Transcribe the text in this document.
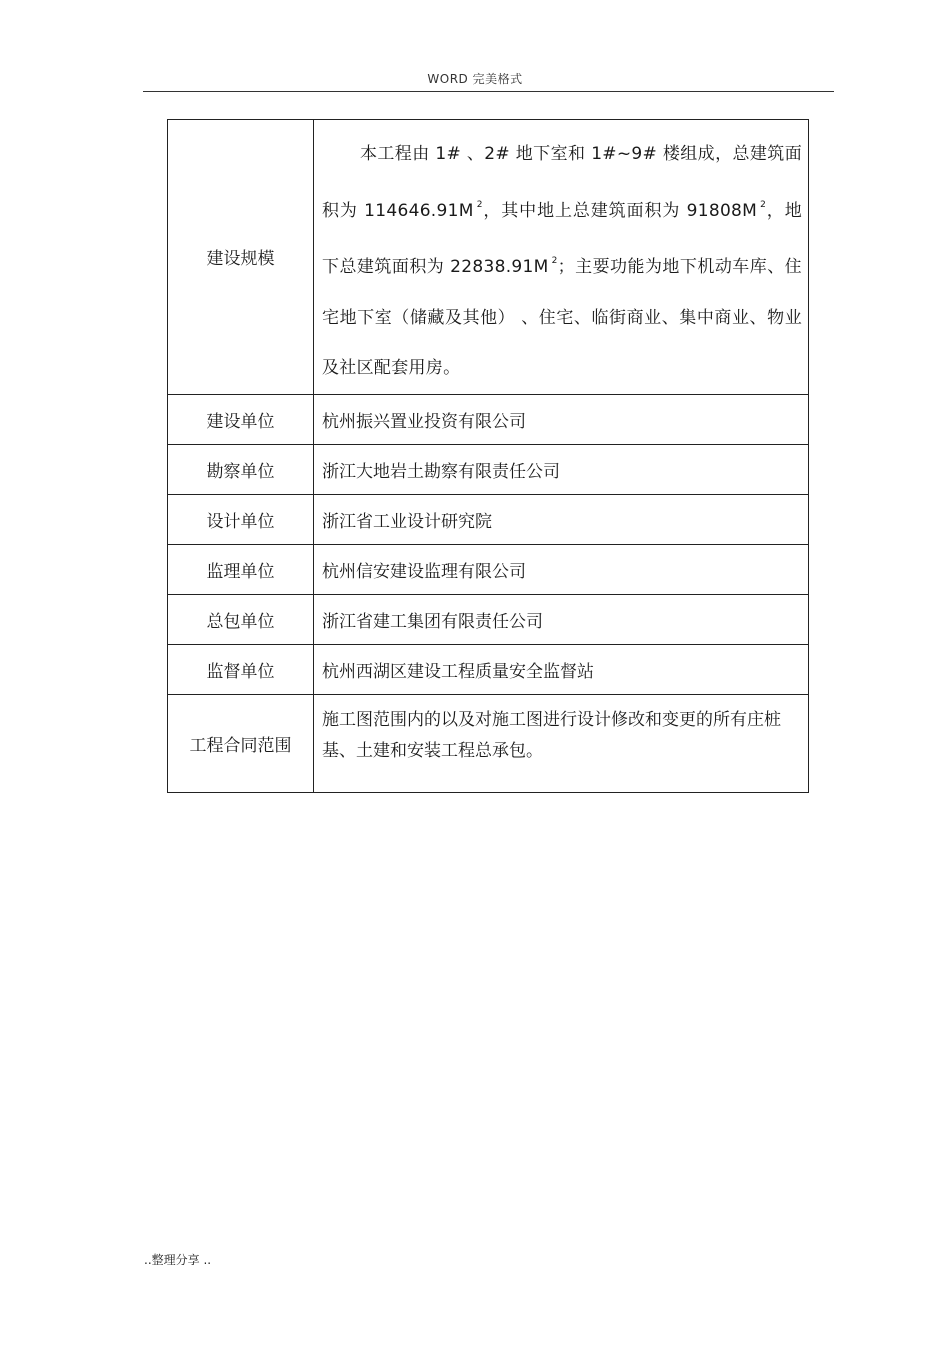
WORD 完美格式
建设规模	本工程由 1# 、2# 地下室和 1#~9# 楼组成，总建筑面积为 114646.91M $^2$，其中地上总建筑面积为 91808M $^2$，地下总建筑面积为 22838.91M $^2$；主要功能为地下机动车库、住宅地下室（储藏及其他） 、住宅、临街商业、集中商业、物业及社区配套用房。

建设单位	杭州振兴置业投资有限公司
勘察单位	浙江大地岩土勘察有限责任公司
设计单位	浙江省工业设计研究院
监理单位	杭州信安建设监理有限公司
总包单位	浙江省建工集团有限责任公司
监督单位	杭州西湖区建设工程质量安全监督站
工程合同范围	施工图范围内的以及对施工图进行设计修改和变更的所有庄桩基、土建和安装工程总承包。
..整理分享 ..
